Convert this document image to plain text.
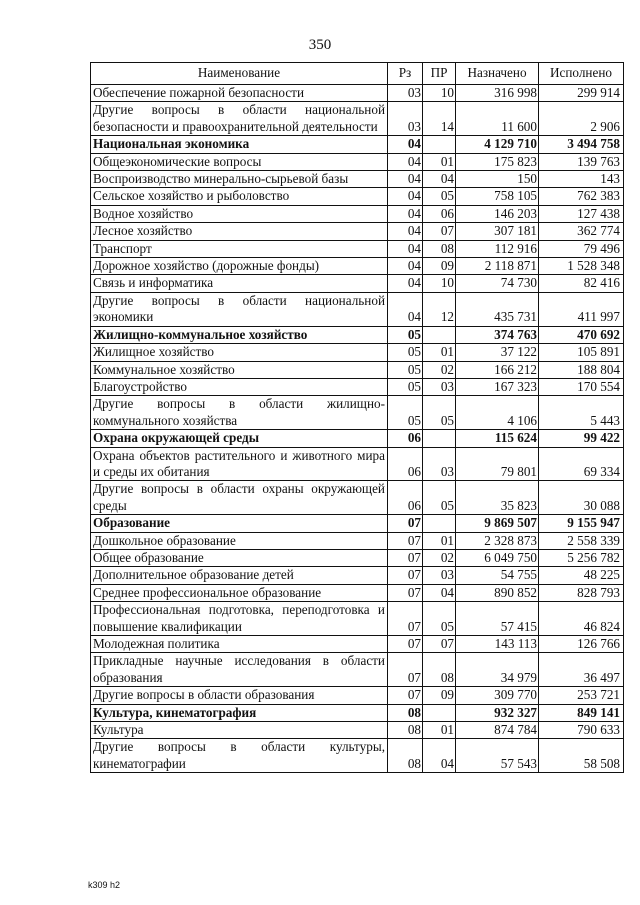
350
Наименование	Рз	ПР	Назначено	Исполнено
Обеспечение пожарной безопасности	03	10	316 998	299 914
Другие вопросы в области национальной безопасности и правоохранительной деятельности	03	14	11 600	2 906
Национальная экономика	04		4 129 710	3 494 758
Общеэкономические вопросы	04	01	175 823	139 763
Воспроизводство минерально-сырьевой базы	04	04	150	143
Сельское хозяйство и рыболовство	04	05	758 105	762 383
Водное хозяйство	04	06	146 203	127 438
Лесное хозяйство	04	07	307 181	362 774
Транспорт	04	08	112 916	79 496
Дорожное хозяйство (дорожные фонды)	04	09	2 118 871	1 528 348
Связь и информатика	04	10	74 730	82 416
Другие вопросы в области национальной экономики	04	12	435 731	411 997
Жилищно-коммунальное хозяйство	05		374 763	470 692
Жилищное хозяйство	05	01	37 122	105 891
Коммунальное хозяйство	05	02	166 212	188 804
Благоустройство	05	03	167 323	170 554
Другие вопросы в области жилищно-коммунального хозяйства	05	05	4 106	5 443
Охрана окружающей среды	06		115 624	99 422
Охрана объектов растительного и животного мира и среды их обитания	06	03	79 801	69 334
Другие вопросы в области охраны окружающей среды	06	05	35 823	30 088
Образование	07		9 869 507	9 155 947
Дошкольное образование	07	01	2 328 873	2 558 339
Общее образование	07	02	6 049 750	5 256 782
Дополнительное образование детей	07	03	54 755	48 225
Среднее профессиональное образование	07	04	890 852	828 793
Профессиональная подготовка, переподготовка и повышение квалификации	07	05	57 415	46 824
Молодежная политика	07	07	143 113	126 766
Прикладные научные исследования в области образования	07	08	34 979	36 497
Другие вопросы в области образования	07	09	309 770	253 721
Культура, кинематография	08		932 327	849 141
Культура	08	01	874 784	790 633
Другие вопросы в области культуры, кинематографии	08	04	57 543	58 508
k309 h2
